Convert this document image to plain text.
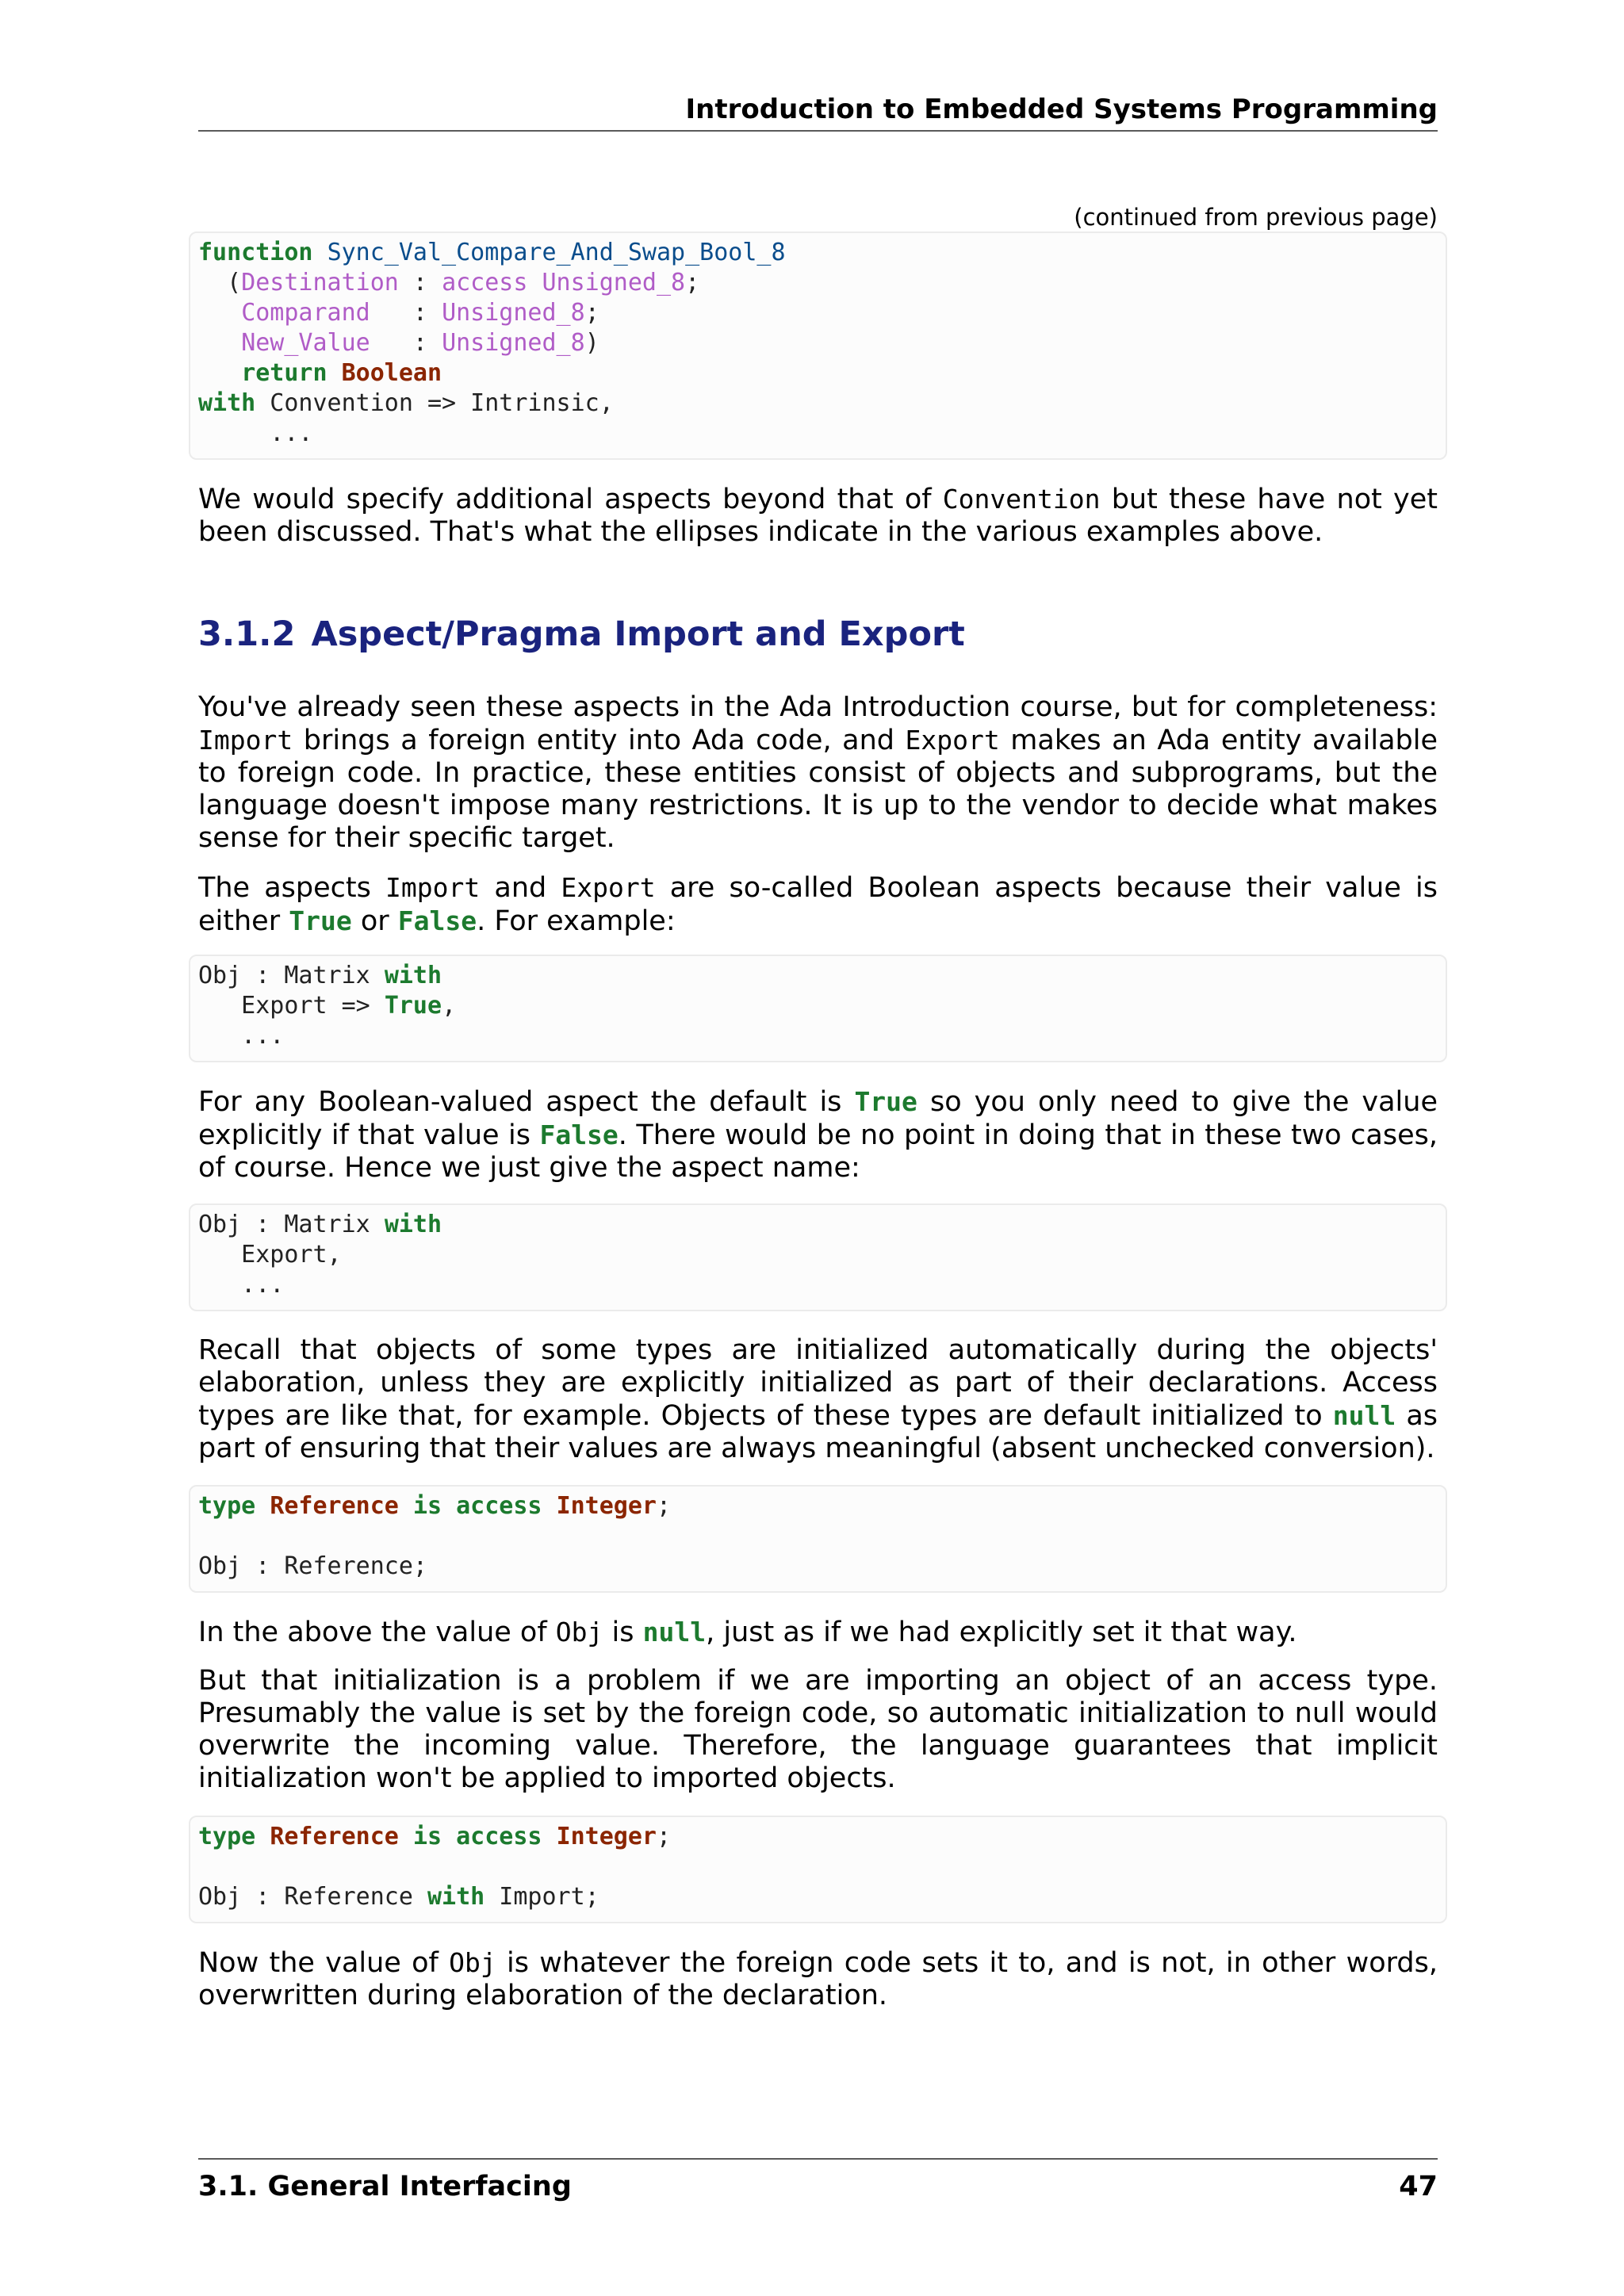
Introduction to Embedded Systems Programming
(continued from previous page)
function Sync_Val_Compare_And_Swap_Bool_8
(Destination : access Unsigned_8;
Comparand   : Unsigned_8;
New_Value   : Unsigned_8)
return Boolean
with Convention => Intrinsic,
...

We would specify additional aspects beyond that of Convention but these have not yet been discussed. That's what the ellipses indicate in the various examples above.

3.1.2 Aspect/Pragma Import and Export

You've already seen these aspects in the Ada Introduction course, but for completeness: Import brings a foreign entity into Ada code, and Export makes an Ada entity available to foreign code. In practice, these entities consist of objects and subprograms, but the language doesn't impose many restrictions. It is up to the vendor to decide what makes sense for their specific target.

The aspects Import and Export are so-called Boolean aspects because their value is either True or False. For example:

Obj : Matrix with
Export => True,
...

For any Boolean-valued aspect the default is True so you only need to give the value explicitly if that value is False. There would be no point in doing that in these two cases, of course. Hence we just give the aspect name:

Obj : Matrix with
Export,
...

Recall that objects of some types are initialized automatically during the objects' elaboration, unless they are explicitly initialized as part of their declarations. Access types are like that, for example. Objects of these types are default initialized to null as part of ensuring that their values are always meaningful (absent unchecked conversion).

type Reference is access Integer;
Obj : Reference;

In the above the value of Obj is null, just as if we had explicitly set it that way.

But that initialization is a problem if we are importing an object of an access type. Presumably the value is set by the foreign code, so automatic initialization to null would overwrite the incoming value. Therefore, the language guarantees that implicit initialization won't be applied to imported objects.

type Reference is access Integer;
Obj : Reference with Import;

Now the value of Obj is whatever the foreign code sets it to, and is not, in other words, overwritten during elaboration of the declaration.

3.1. General Interfacing	47
